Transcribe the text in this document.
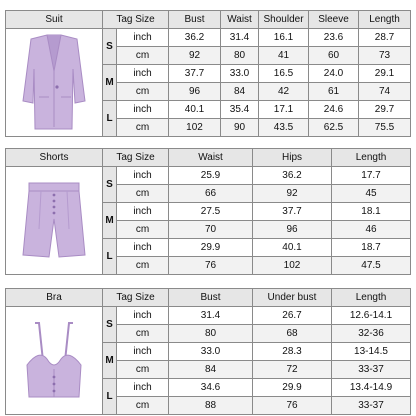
Suit	Tag Size		Bust	Waist	Shoulder	Sleeve	Length

	S	inch	36.2	31.4	16.1	23.6	28.7
		cm	92	80	41	60	73
	M	inch	37.7	33.0	16.5	24.0	29.1
		cm	96	84	42	61	74
	L	inch	40.1	35.4	17.1	24.6	29.7
		cm	102	90	43.5	62.5	75.5
Shorts	Tag Size		Waist	Hips	Length

	S	inch	25.9	36.2	17.7
		cm	66	92	45
	M	inch	27.5	37.7	18.1
		cm	70	96	46
	L	inch	29.9	40.1	18.7
		cm	76	102	47.5
Bra	Tag Size		Bust	Under bust	Length

	S	inch	31.4	26.7	12.6-14.1
		cm	80	68	32-36
	M	inch	33.0	28.3	13-14.5
		cm	84	72	33-37
	L	inch	34.6	29.9	13.4-14.9
		cm	88	76	33-37
